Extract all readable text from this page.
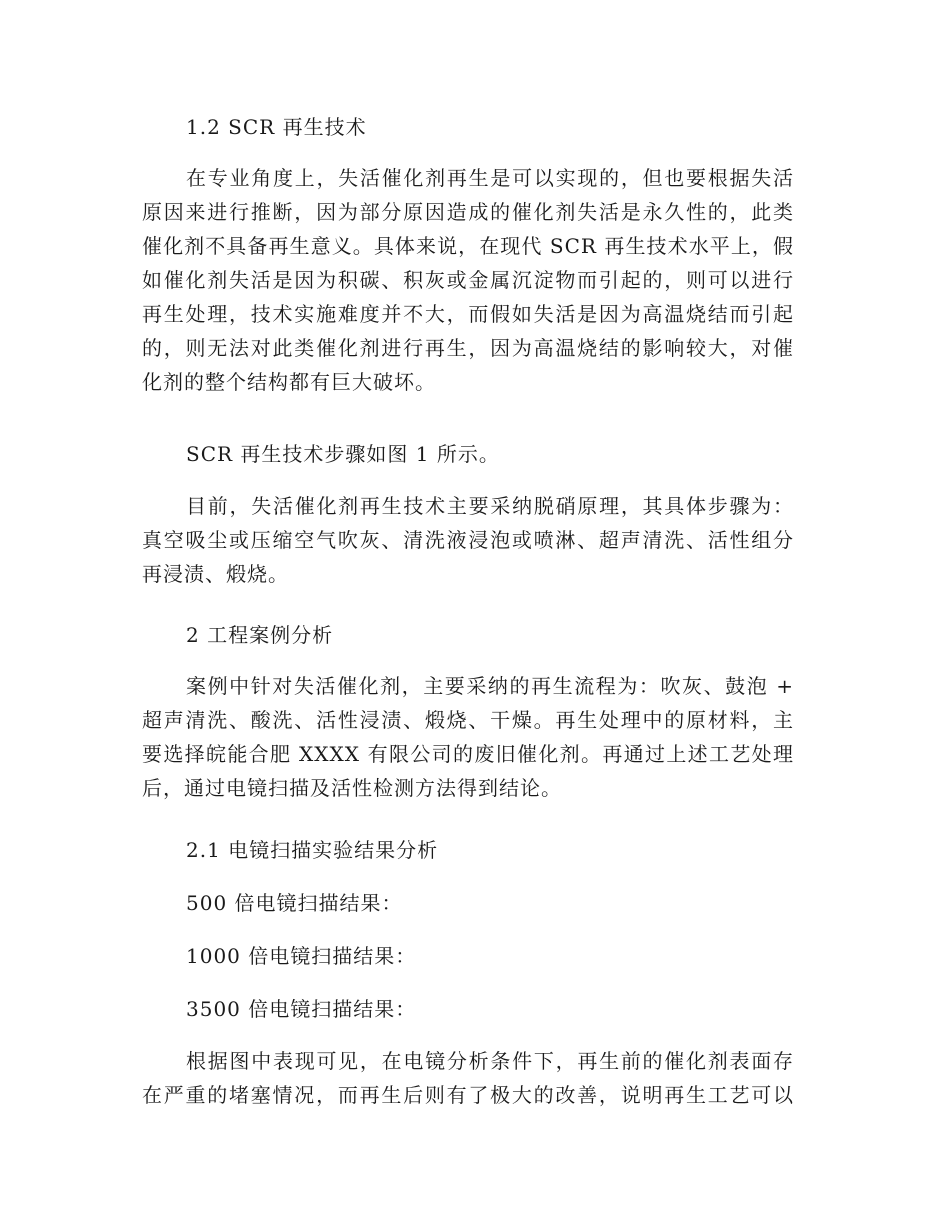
1.2 SCR 再生技术

在专业角度上，失活催化剂再生是可以实现的，但也要根据失活
原因来进行推断，因为部分原因造成的催化剂失活是永久性的，此类
催化剂不具备再生意义。具体来说，在现代 SCR 再生技术水平上，假
如催化剂失活是因为积碳、积灰或金属沉淀物而引起的，则可以进行
再生处理，技术实施难度并不大，而假如失活是因为高温烧结而引起
的，则无法对此类催化剂进行再生，因为高温烧结的影响较大，对催
化剂的整个结构都有巨大破坏。

SCR 再生技术步骤如图 1 所示。

目前，失活催化剂再生技术主要采纳脱硝原理，其具体步骤为：
真空吸尘或压缩空气吹灰、清洗液浸泡或喷淋、超声清洗、活性组分
再浸渍、煅烧。

2 工程案例分析

案例中针对失活催化剂，主要采纳的再生流程为：吹灰、鼓泡 +
超声清洗、酸洗、活性浸渍、煅烧、干燥。再生处理中的原材料，主
要选择皖能合肥 XXXX 有限公司的废旧催化剂。再通过上述工艺处理
后，通过电镜扫描及活性检测方法得到结论。

2.1 电镜扫描实验结果分析

500 倍电镜扫描结果：

1000 倍电镜扫描结果：

3500 倍电镜扫描结果：

根据图中表现可见，在电镜分析条件下，再生前的催化剂表面存
在严重的堵塞情况，而再生后则有了极大的改善，说明再生工艺可以
